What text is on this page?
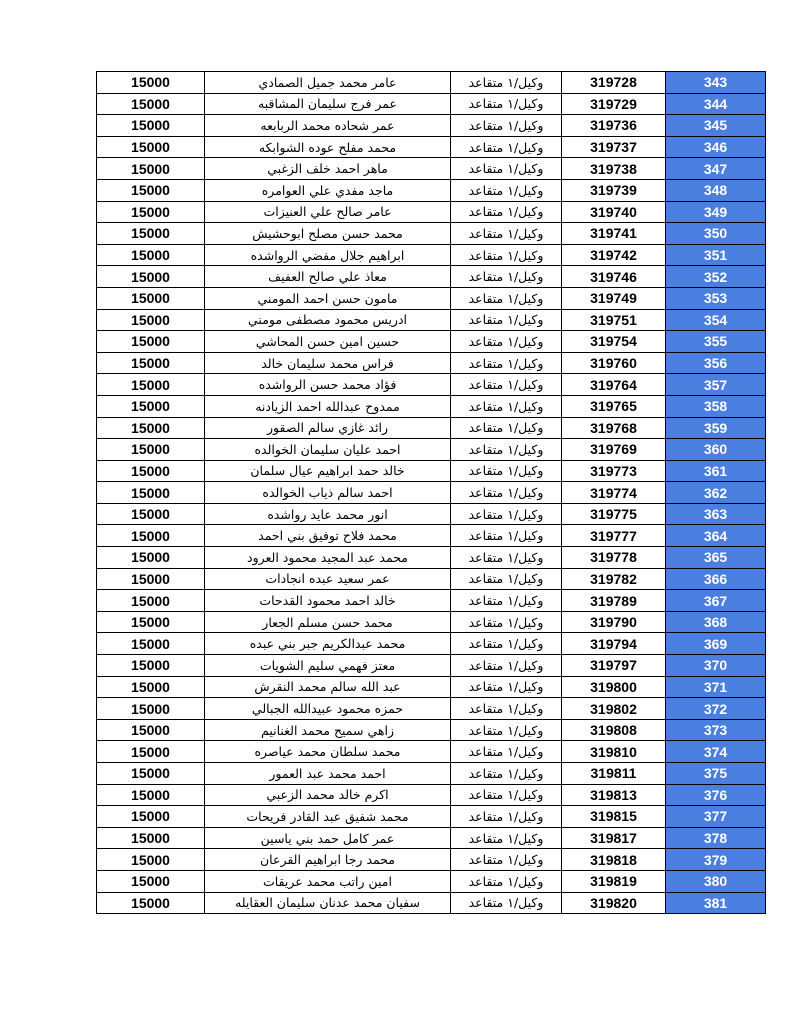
15000	عامر محمد جميل الصمادي	وكيل/١ متقاعد	319728	343
15000	عمر فرج سليمان المشاقبه	وكيل/١ متقاعد	319729	344
15000	عمر شحاده محمد الربابعه	وكيل/١ متقاعد	319736	345
15000	محمد مفلح عوده الشوابكه	وكيل/١ متقاعد	319737	346
15000	ماهر احمد خلف الزغبي	وكيل/١ متقاعد	319738	347
15000	ماجد مفدي علي العوامره	وكيل/١ متقاعد	319739	348
15000	عامر صالح علي العنيزات	وكيل/١ متقاعد	319740	349
15000	محمد حسن مصلح ابوحشيش	وكيل/١ متقاعد	319741	350
15000	ابراهيم جلال مفضي الرواشده	وكيل/١ متقاعد	319742	351
15000	معاذ علي صالح العفيف	وكيل/١ متقاعد	319746	352
15000	مامون حسن احمد المومني	وكيل/١ متقاعد	319749	353
15000	ادريس محمود مصطفى مومني	وكيل/١ متقاعد	319751	354
15000	حسين امين حسن المحاشي	وكيل/١ متقاعد	319754	355
15000	فراس محمد سليمان خالد	وكيل/١ متقاعد	319760	356
15000	فؤاد محمد حسن الرواشده	وكيل/١ متقاعد	319764	357
15000	ممدوح عبدالله احمد الزيادنه	وكيل/١ متقاعد	319765	358
15000	رائد غازي سالم الصقور	وكيل/١ متقاعد	319768	359
15000	احمد عليان سليمان الخوالده	وكيل/١ متقاعد	319769	360
15000	خالد حمد ابراهيم عيال سلمان	وكيل/١ متقاعد	319773	361
15000	احمد سالم ذياب الخوالده	وكيل/١ متقاعد	319774	362
15000	انور محمد عايد رواشده	وكيل/١ متقاعد	319775	363
15000	محمد فلاح توفيق بني احمد	وكيل/١ متقاعد	319777	364
15000	محمد عبد المجيد محمود العرود	وكيل/١ متقاعد	319778	365
15000	عمر سعيد عبده انجادات	وكيل/١ متقاعد	319782	366
15000	خالد احمد محمود القدحات	وكيل/١ متقاعد	319789	367
15000	محمد حسن مسلم الجعار	وكيل/١ متقاعد	319790	368
15000	محمد عبدالكريم جبر بني عبده	وكيل/١ متقاعد	319794	369
15000	معتز فهمي سليم الشويات	وكيل/١ متقاعد	319797	370
15000	عبد الله سالم محمد النقرش	وكيل/١ متقاعد	319800	371
15000	حمزه محمود عبيدالله الجبالي	وكيل/١ متقاعد	319802	372
15000	زاهي سميح محمد الغنانيم	وكيل/١ متقاعد	319808	373
15000	محمد سلطان محمد عياصره	وكيل/١ متقاعد	319810	374
15000	احمد محمد عبد العمور	وكيل/١ متقاعد	319811	375
15000	اكرم خالد محمد الزعبي	وكيل/١ متقاعد	319813	376
15000	محمد شفيق عبد القادر فريحات	وكيل/١ متقاعد	319815	377
15000	عمر كامل حمد بني ياسين	وكيل/١ متقاعد	319817	378
15000	محمد رجا ابراهيم القرعان	وكيل/١ متقاعد	319818	379
15000	امين راتب محمد عريقات	وكيل/١ متقاعد	319819	380
15000	سفيان محمد عدنان سليمان العقايله	وكيل/١ متقاعد	319820	381
